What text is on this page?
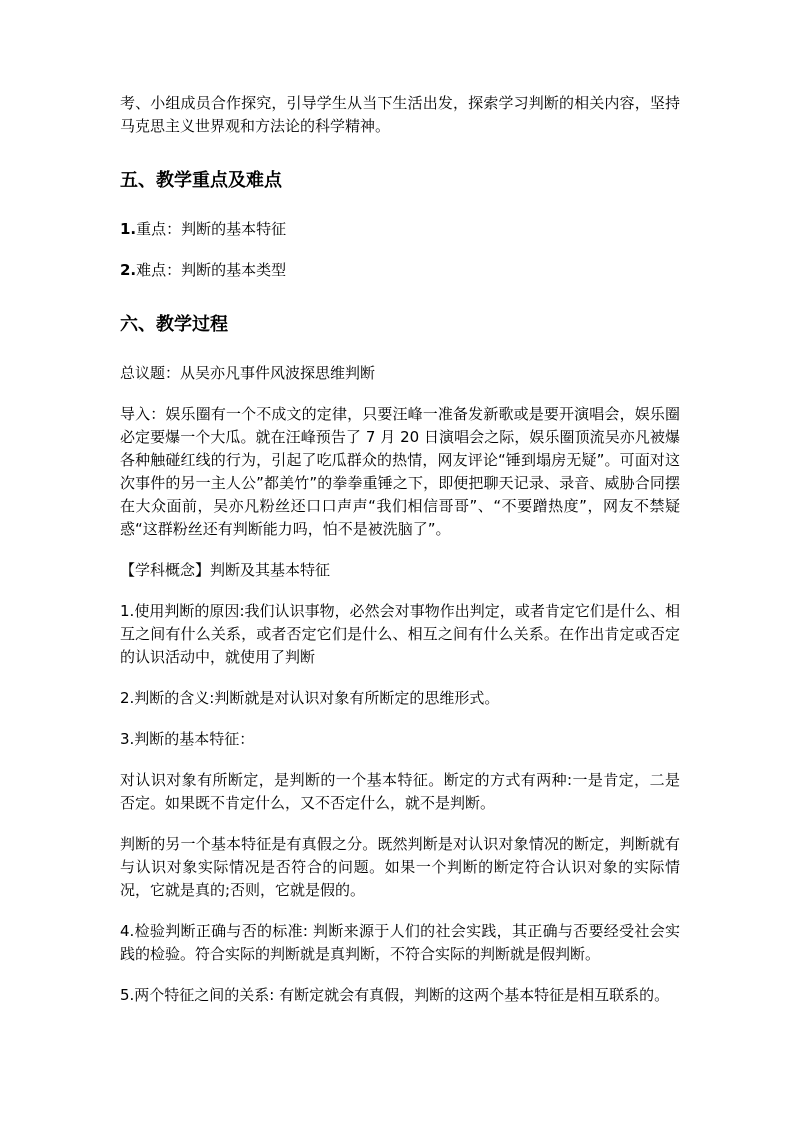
考、小组成员合作探究，引导学生从当下生活出发，探索学习判断的相关内容，坚持马克思主义世界观和方法论的科学精神。

五、教学重点及难点

1.重点：判断的基本特征

2.难点：判断的基本类型

六、教学过程

总议题：从吴亦凡事件风波探思维判断

导入：娱乐圈有一个不成文的定律，只要汪峰一准备发新歌或是要开演唱会，娱乐圈必定要爆一个大瓜。就在汪峰预告了 7 月 20 日演唱会之际，娱乐圈顶流吴亦凡被爆各种触碰红线的行为，引起了吃瓜群众的热情，网友评论“锤到塌房无疑”。可面对这次事件的另一主人公”都美竹”的拳拳重锤之下，即便把聊天记录、录音、威胁合同摆在大众面前，吴亦凡粉丝还口口声声“我们相信哥哥”、“不要蹭热度”，网友不禁疑惑“这群粉丝还有判断能力吗，怕不是被洗脑了”。

【学科概念】判断及其基本特征

1.使用判断的原因:我们认识事物，必然会对事物作出判定，或者肯定它们是什么、相互之间有什么关系，或者否定它们是什么、相互之间有什么关系。在作出肯定或否定的认识活动中，就使用了判断

2.判断的含义:判断就是对认识对象有所断定的思维形式。

3.判断的基本特征：

对认识对象有所断定，是判断的一个基本特征。断定的方式有两种:一是肯定，二是否定。如果既不肯定什么，又不否定什么，就不是判断。

判断的另一个基本特征是有真假之分。既然判断是对认识对象情况的断定，判断就有与认识对象实际情况是否符合的问题。如果一个判断的断定符合认识对象的实际情况，它就是真的;否则，它就是假的。

4.检验判断正确与否的标准: 判断来源于人们的社会实践，其正确与否要经受社会实践的检验。符合实际的判断就是真判断，不符合实际的判断就是假判断。

5.两个特征之间的关系: 有断定就会有真假，判断的这两个基本特征是相互联系的。
